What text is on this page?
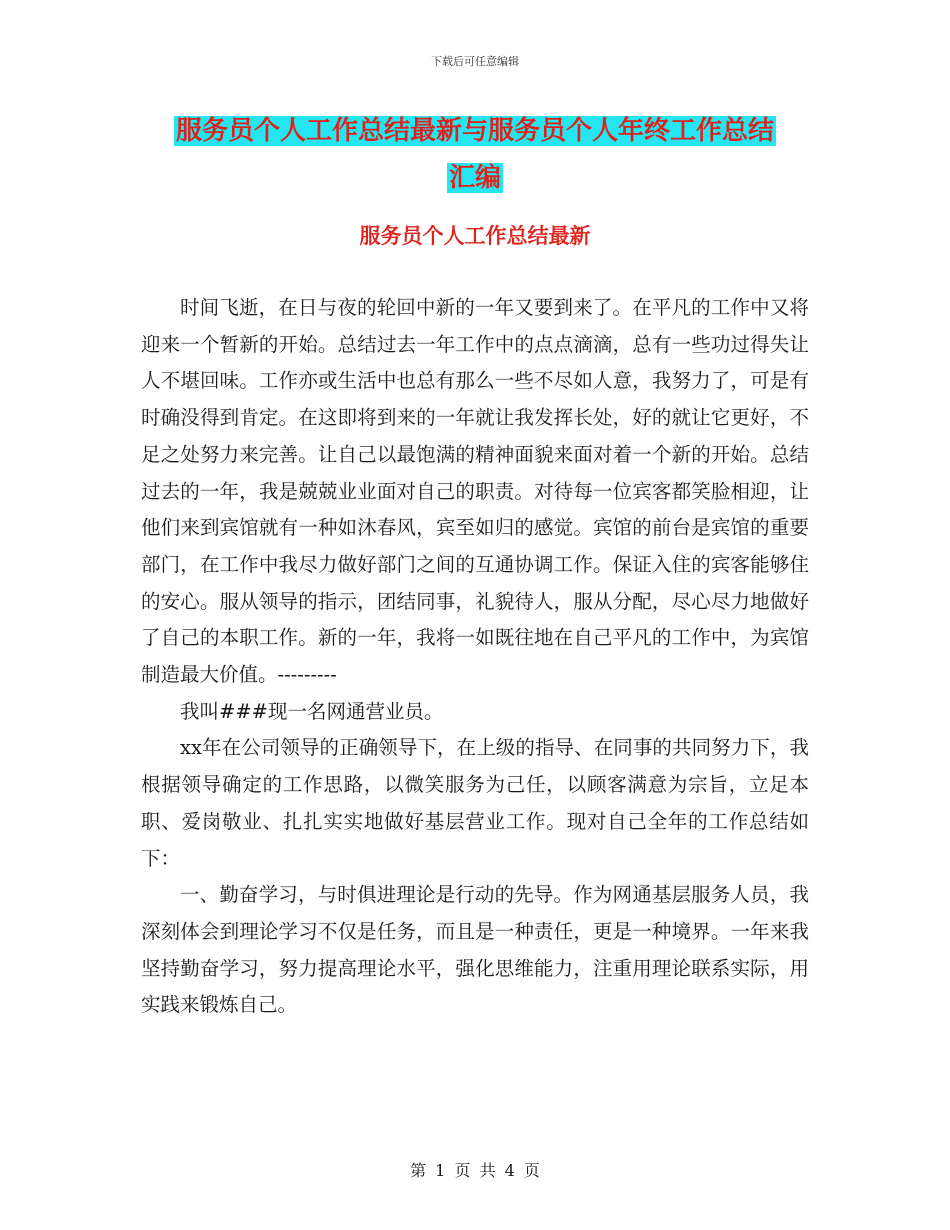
下载后可任意编辑
服务员个人工作总结最新与服务员个人年终工作总结
汇编
服务员个人工作总结最新

时间飞逝，在日与夜的轮回中新的一年又要到来了。在平凡的工作中又将迎来一个暂新的开始。总结过去一年工作中的点点滴滴，总有一些功过得失让人不堪回味。工作亦或生活中也总有那么一些不尽如人意，我努力了，可是有时确没得到肯定。在这即将到来的一年就让我发挥长处，好的就让它更好，不足之处努力来完善。让自己以最饱满的精神面貌来面对着一个新的开始。总结过去的一年，我是兢兢业业面对自己的职责。对待每一位宾客都笑脸相迎，让他们来到宾馆就有一种如沐春风，宾至如归的感觉。宾馆的前台是宾馆的重要部门，在工作中我尽力做好部门之间的互通协调工作。保证入住的宾客能够住的安心。服从领导的指示，团结同事，礼貌待人，服从分配，尽心尽力地做好了自己的本职工作。新的一年，我将一如既往地在自己平凡的工作中，为宾馆制造最大价值。---------

我叫###现一名网通营业员。

xx年在公司领导的正确领导下，在上级的指导、在同事的共同努力下，我根据领导确定的工作思路，以微笑服务为己任，以顾客满意为宗旨，立足本职、爱岗敬业、扎扎实实地做好基层营业工作。现对自己全年的工作总结如下：

一、勤奋学习，与时俱进理论是行动的先导。作为网通基层服务人员，我深刻体会到理论学习不仅是任务，而且是一种责任，更是一种境界。一年来我坚持勤奋学习，努力提高理论水平，强化思维能力，注重用理论联系实际，用实践来锻炼自己。

第 1 页 共 4 页
